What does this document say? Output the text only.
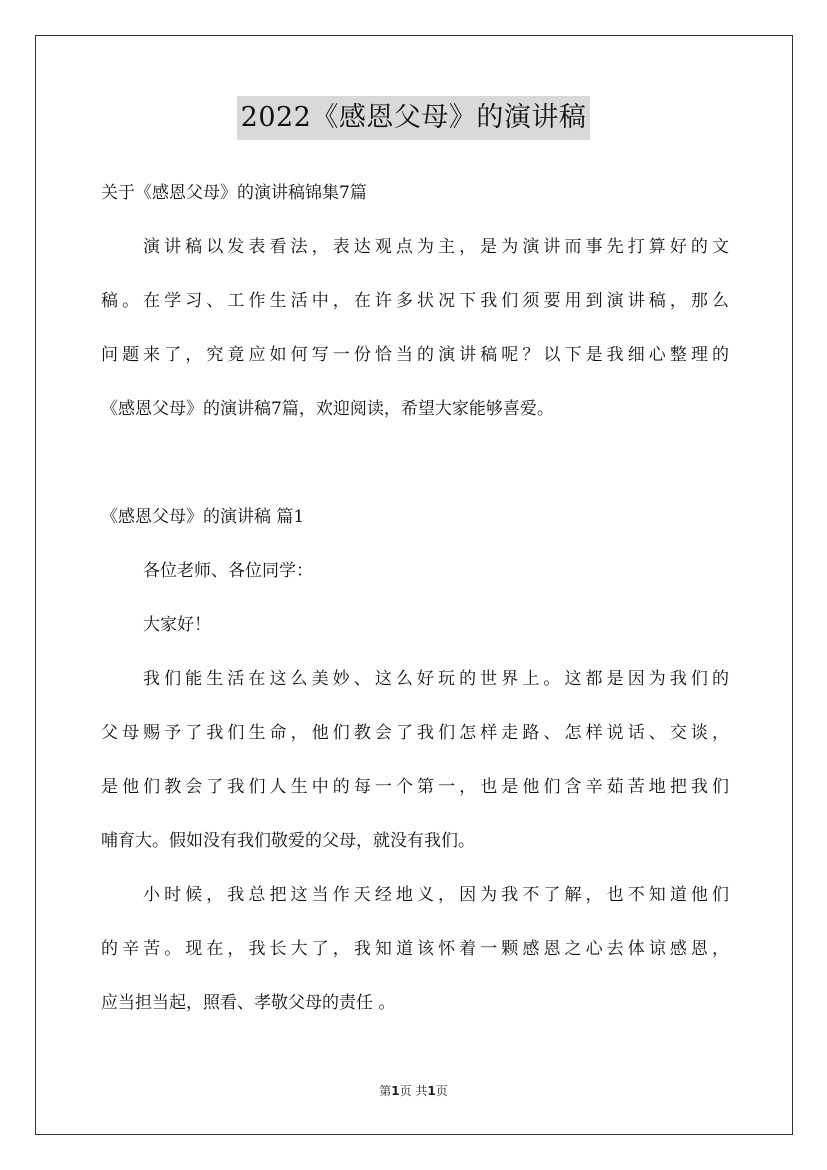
2022《感恩父母》的演讲稿
关于《感恩父母》的演讲稿锦集7篇
演讲稿以发表看法，表达观点为主，是为演讲而事先打算好的文
稿。在学习、工作生活中，在许多状况下我们须要用到演讲稿，那么
问题来了，究竟应如何写一份恰当的演讲稿呢？以下是我细心整理的
《感恩父母》的演讲稿7篇，欢迎阅读，希望大家能够喜爱。
《感恩父母》的演讲稿 篇1
各位老师、各位同学：
大家好！
我们能生活在这么美妙、这么好玩的世界上。这都是因为我们的
父母赐予了我们生命，他们教会了我们怎样走路、怎样说话、交谈，
是他们教会了我们人生中的每一个第一，也是他们含辛茹苦地把我们
哺育大。假如没有我们敬爱的父母，就没有我们。
小时候，我总把这当作天经地义，因为我不了解，也不知道他们
的辛苦。现在，我长大了，我知道该怀着一颗感恩之心去体谅感恩，
应当担当起，照看、孝敬父母的责任 。
第1页 共1页
